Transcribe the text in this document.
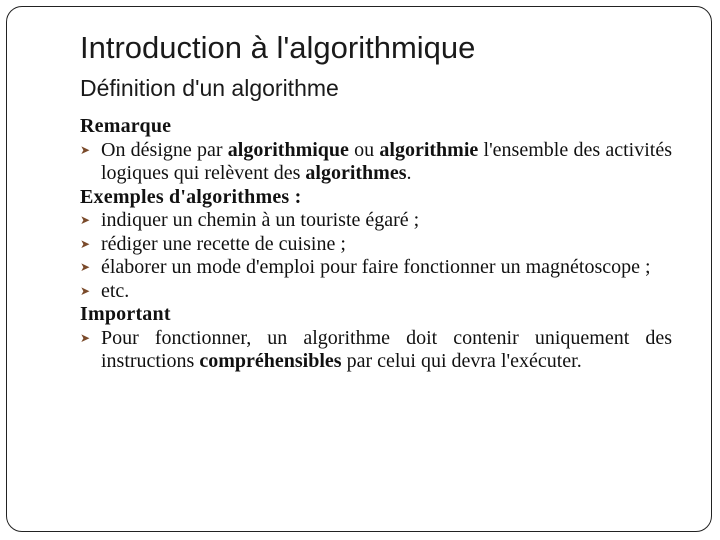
Introduction à l'algorithmique
Définition d'un algorithme
Remarque
➤ On désigne par algorithmique ou algorithmie l'ensemble des activités logiques qui relèvent des algorithmes.
Exemples d'algorithmes :
➤ indiquer un chemin à un touriste égaré ;
➤ rédiger une recette de cuisine ;
➤ élaborer un mode d'emploi pour faire fonctionner un magnétoscope ;
➤ etc.
Important
➤ Pour fonctionner, un algorithme doit contenir uniquement des instructions compréhensibles par celui qui devra l'exécuter.
